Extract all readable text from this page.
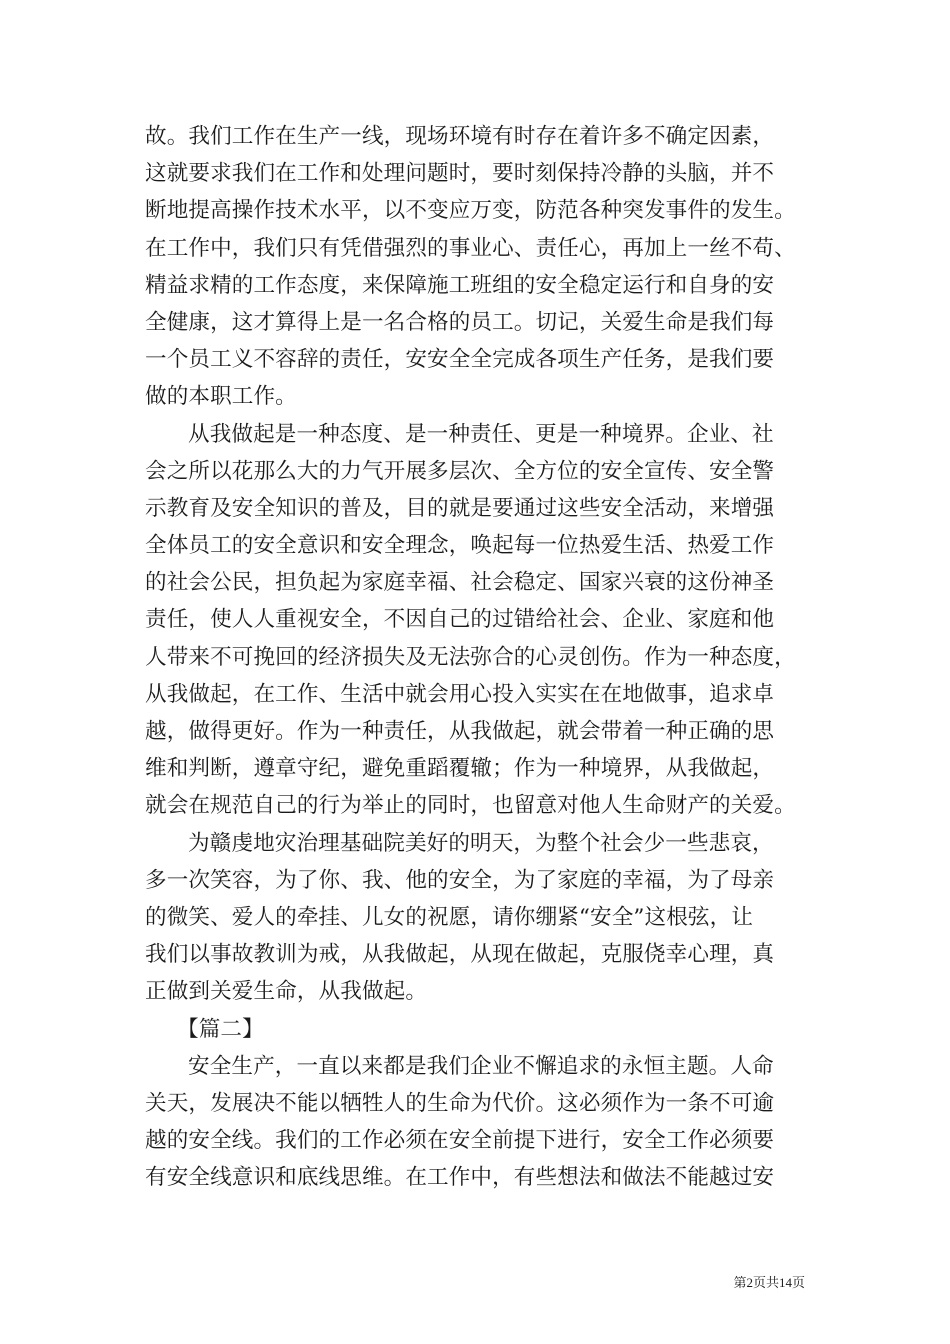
故。我们工作在生产一线，现场环境有时存在着许多不确定因素，
这就要求我们在工作和处理问题时，要时刻保持冷静的头脑，并不
断地提高操作技术水平，以不变应万变，防范各种突发事件的发生。
在工作中，我们只有凭借强烈的事业心、责任心，再加上一丝不苟、
精益求精的工作态度，来保障施工班组的安全稳定运行和自身的安
全健康，这才算得上是一名合格的员工。切记，关爱生命是我们每
一个员工义不容辞的责任，安安全全完成各项生产任务，是我们要
做的本职工作。
从我做起是一种态度、是一种责任、更是一种境界。企业、社
会之所以花那么大的力气开展多层次、全方位的安全宣传、安全警
示教育及安全知识的普及，目的就是要通过这些安全活动，来增强
全体员工的安全意识和安全理念，唤起每一位热爱生活、热爱工作
的社会公民，担负起为家庭幸福、社会稳定、国家兴衰的这份神圣
责任，使人人重视安全，不因自己的过错给社会、企业、家庭和他
人带来不可挽回的经济损失及无法弥合的心灵创伤。作为一种态度，
从我做起，在工作、生活中就会用心投入实实在在地做事，追求卓
越，做得更好。作为一种责任，从我做起，就会带着一种正确的思
维和判断，遵章守纪，避免重蹈覆辙；作为一种境界，从我做起，
就会在规范自己的行为举止的同时，也留意对他人生命财产的关爱。
为赣虔地灾治理基础院美好的明天，为整个社会少一些悲哀，
多一次笑容，为了你、我、他的安全，为了家庭的幸福，为了母亲
的微笑、爱人的牵挂、儿女的祝愿，请你绷紧“安全”这根弦，让
我们以事故教训为戒，从我做起，从现在做起，克服侥幸心理，真
正做到关爱生命，从我做起。
【篇二】
安全生产，一直以来都是我们企业不懈追求的永恒主题。人命
关天，发展决不能以牺牲人的生命为代价。这必须作为一条不可逾
越的安全线。我们的工作必须在安全前提下进行，安全工作必须要
有安全线意识和底线思维。在工作中，有些想法和做法不能越过安
第2页共14页
